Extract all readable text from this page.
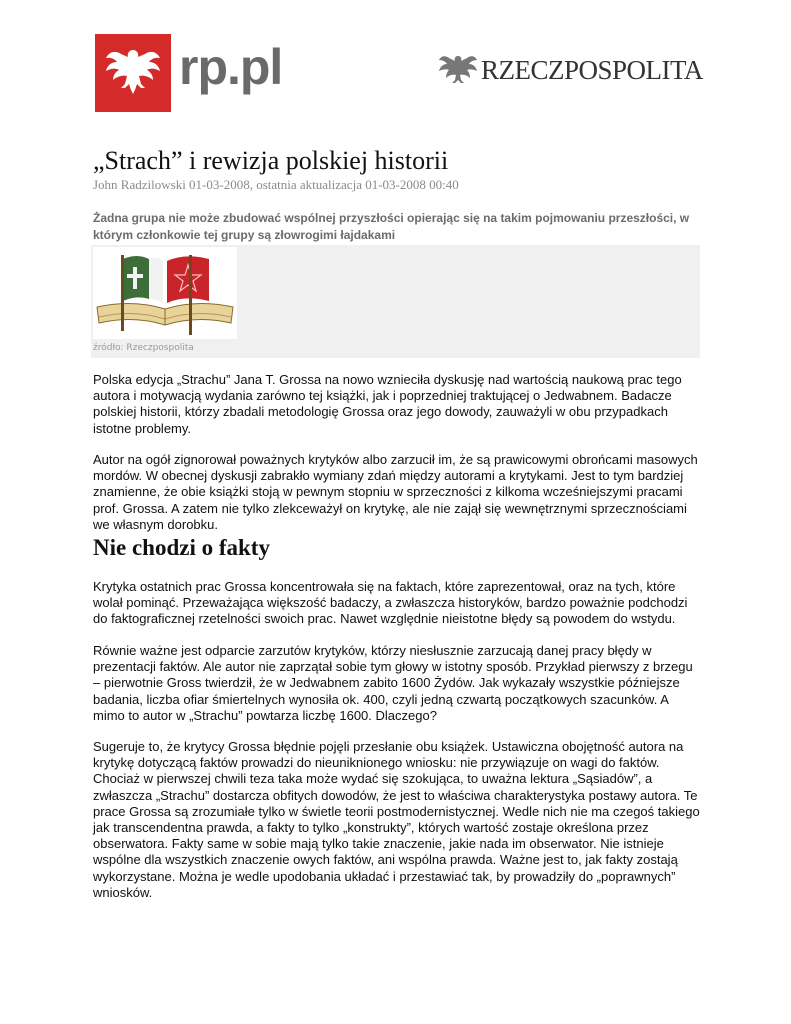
rp.pl	RZECZPOSPOLITA
„Strach” i rewizja polskiej historii
John Radzilowski 01-03-2008, ostatnia aktualizacja 01-03-2008 00:40
Żadna grupa nie może zbudować wspólnej przyszłości opierając się na takim pojmowaniu przeszłości, w którym członkowie tej grupy są złowrogimi łajdakami
źródło: Rzeczpospolita

Polska edycja „Strachu” Jana T. Grossa na nowo wznieciła dyskusję nad wartością naukową prac tego autora i motywacją wydania zarówno tej książki, jak i poprzedniej traktującej o Jedwabnem. Badacze polskiej historii, którzy zbadali metodologię Grossa oraz jego dowody, zauważyli w obu przypadkach istotne problemy.

Autor na ogół zignorował poważnych krytyków albo zarzucił im, że są prawicowymi obrońcami masowych mordów. W obecnej dyskusji zabrakło wymiany zdań między autorami a krytykami. Jest to tym bardziej znamienne, że obie książki stoją w pewnym stopniu w sprzeczności z kilkoma wcześniejszymi pracami prof. Grossa. A zatem nie tylko zlekceważył on krytykę, ale nie zajął się wewnętrznymi sprzecznościami we własnym dorobku.

Nie chodzi o fakty

Krytyka ostatnich prac Grossa koncentrowała się na faktach, które zaprezentował, oraz na tych, które wolał pominąć. Przeważająca większość badaczy, a zwłaszcza historyków, bardzo poważnie podchodzi do faktograficznej rzetelności swoich prac. Nawet względnie nieistotne błędy są powodem do wstydu.

Równie ważne jest odparcie zarzutów krytyków, którzy niesłusznie zarzucają danej pracy błędy w prezentacji faktów. Ale autor nie zaprzątał sobie tym głowy w istotny sposób. Przykład pierwszy z brzegu – pierwotnie Gross twierdził, że w Jedwabnem zabito 1600 Żydów. Jak wykazały wszystkie późniejsze badania, liczba ofiar śmiertelnych wynosiła ok. 400, czyli jedną czwartą początkowych szacunków. A mimo to autor w „Strachu” powtarza liczbę 1600. Dlaczego?

Sugeruje to, że krytycy Grossa błędnie pojęli przesłanie obu książek. Ustawiczna obojętność autora na krytykę dotyczącą faktów prowadzi do nieuniknionego wniosku: nie przywiązuje on wagi do faktów. Chociaż w pierwszej chwili teza taka może wydać się szokująca, to uważna lektura „Sąsiadów”, a zwłaszcza „Strachu” dostarcza obfitych dowodów, że jest to właściwa charakterystyka postawy autora. Te prace Grossa są zrozumiałe tylko w świetle teorii postmodernistycznej. Wedle nich nie ma czegoś takiego jak transcendentna prawda, a fakty to tylko „konstrukty”, których wartość zostaje określona przez obserwatora. Fakty same w sobie mają tylko takie znaczenie, jakie nada im obserwator. Nie istnieje wspólne dla wszystkich znaczenie owych faktów, ani wspólna prawda. Ważne jest to, jak fakty zostają wykorzystane. Można je wedle upodobania układać i przestawiać tak, by prowadziły do „poprawnych” wniosków.
